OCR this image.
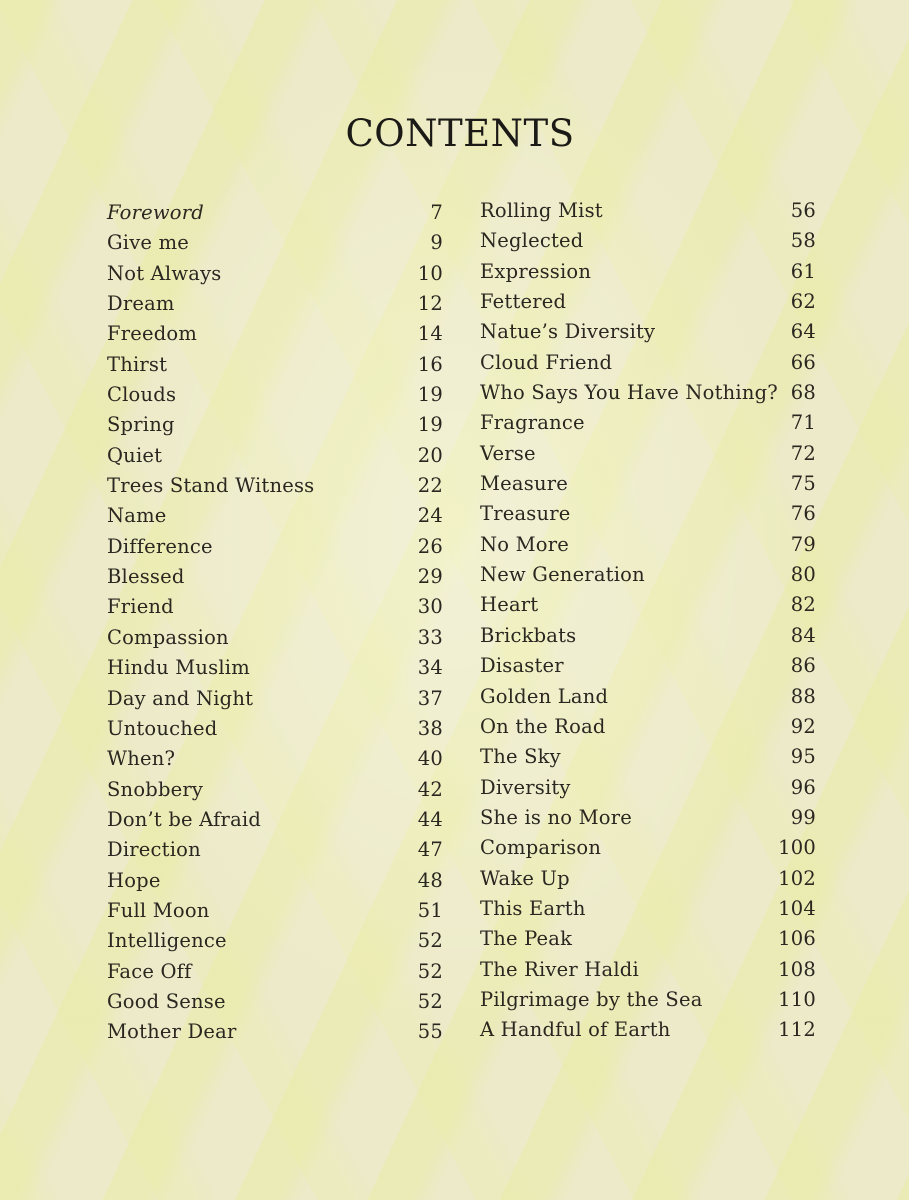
CONTENTS
Foreword	7
Give me	9
Not Always	10
Dream	12
Freedom	14
Thirst	16
Clouds	19
Spring	19
Quiet	20
Trees Stand Witness	22
Name	24
Difference	26
Blessed	29
Friend	30
Compassion	33
Hindu Muslim	34
Day and Night	37
Untouched	38
When?	40
Snobbery	42
Don’t be Afraid	44
Direction	47
Hope	48
Full Moon	51
Intelligence	52
Face Off	52
Good Sense	52
Mother Dear	55
Rolling Mist	56
Neglected	58
Expression	61
Fettered	62
Natue’s Diversity	64
Cloud Friend	66
Who Says You Have Nothing? 68
Fragrance	71
Verse	72
Measure	75
Treasure	76
No More	79
New Generation	80
Heart	82
Brickbats	84
Disaster	86
Golden Land	88
On the Road	92
The Sky	95
Diversity	96
She is no More	99
Comparison	100
Wake Up	102
This Earth	104
The Peak	106
The River Haldi	108
Pilgrimage by the Sea	110
A Handful of Earth	112
